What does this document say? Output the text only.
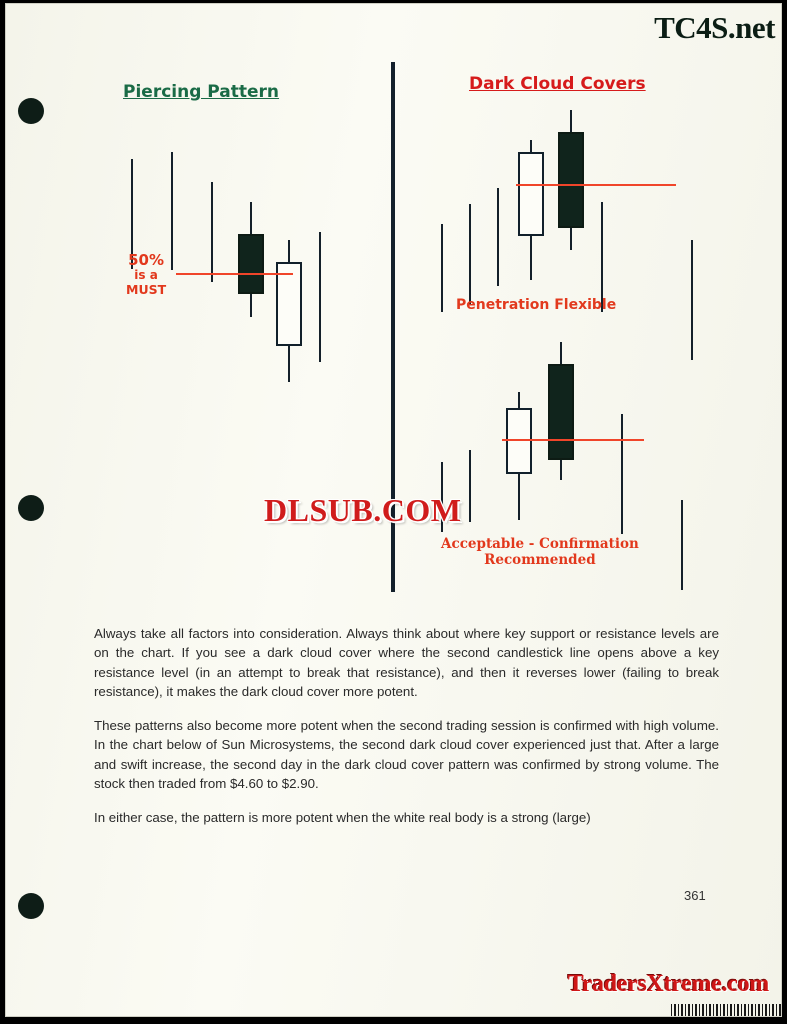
TC4S.net
Piercing Pattern	Dark Cloud Covers
50%
is a
MUST
Penetration Flexible
Acceptable - Confirmation
Recommended
DLSUB.COM

Always take all factors into consideration. Always think about where key support or resistance levels are on the chart. If you see a dark cloud cover where the second candlestick line opens above a key resistance level (in an attempt to break that resistance), and then it reverses lower (failing to break resistance), it makes the dark cloud cover more potent.

These patterns also become more potent when the second trading session is confirmed with high volume. In the chart below of Sun Microsystems, the second dark cloud cover experienced just that. After a large and swift increase, the second day in the dark cloud cover pattern was confirmed by strong volume. The stock then traded from $4.60 to $2.90.

In either case, the pattern is more potent when the white real body is a strong (large)

361
TradersXtreme.com
